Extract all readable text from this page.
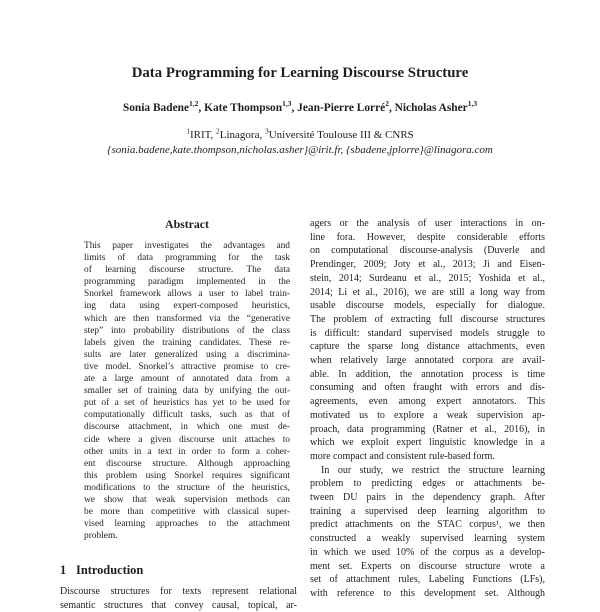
Data Programming for Learning Discourse Structure
Sonia Badene$^{1,2}$, Kate Thompson$^{1,3}$, Jean-Pierre Lorré$^2$, Nicholas Asher$^{1,3}$
$^1$IRIT, $^2$Linagora, $^3$Université Toulouse III & CNRS
{sonia.badene,kate.thompson,nicholas.asher}@irit.fr, {sbadene,jplorre}@linagora.com
Abstract
This paper investigates the advantages and
limits of data programming for the task
of learning discourse structure. The data
programming paradigm implemented in the
Snorkel framework allows a user to label train-
ing data using expert-composed heuristics,
which are then transformed via the “generative
step” into probability distributions of the class
labels given the training candidates. These re-
sults are later generalized using a discrimina-
tive model. Snorkel’s attractive promise to cre-
ate a large amount of annotated data from a
smaller set of training data by unifying the out-
put of a set of heuristics has yet to be used for
computationally difficult tasks, such as that of
discourse attachment, in which one must de-
cide where a given discourse unit attaches to
other units in a text in order to form a coher-
ent discourse structure. Although approaching
this problem using Snorkel requires significant
modifications to the structure of the heuristics,
we show that weak supervision methods can
be more than competitive with classical super-
vised learning approaches to the attachment
problem.
1 Introduction
Discourse structures for texts represent relational
semantic structures that convey causal, topical, ar-
agers or the analysis of user interactions in on-
line fora. However, despite considerable efforts
on computational discourse-analysis (Duverle and
Prendinger, 2009; Joty et al., 2013; Ji and Eisen-
stein, 2014; Surdeanu et al., 2015; Yoshida et al.,
2014; Li et al., 2016), we are still a long way from
usable discourse models, especially for dialogue.
The problem of extracting full discourse structures
is difficult: standard supervised models struggle to
capture the sparse long distance attachments, even
when relatively large annotated corpora are avail-
able. In addition, the annotation process is time
consuming and often fraught with errors and dis-
agreements, even among expert annotators. This
motivated us to explore a weak supervision ap-
proach, data programming (Ratner et al., 2016), in
which we exploit expert linguistic knowledge in a
more compact and consistent rule-based form.
In our study, we restrict the structure learning
problem to predicting edges or attachments be-
tween DU pairs in the dependency graph. After
training a supervised deep learning algorithm to
predict attachments on the STAC corpus¹, we then
constructed a weakly supervised learning system
in which we used 10% of the corpus as a develop-
ment set. Experts on discourse structure wrote a
set of attachment rules, Labeling Functions (LFs),
with reference to this development set. Although
